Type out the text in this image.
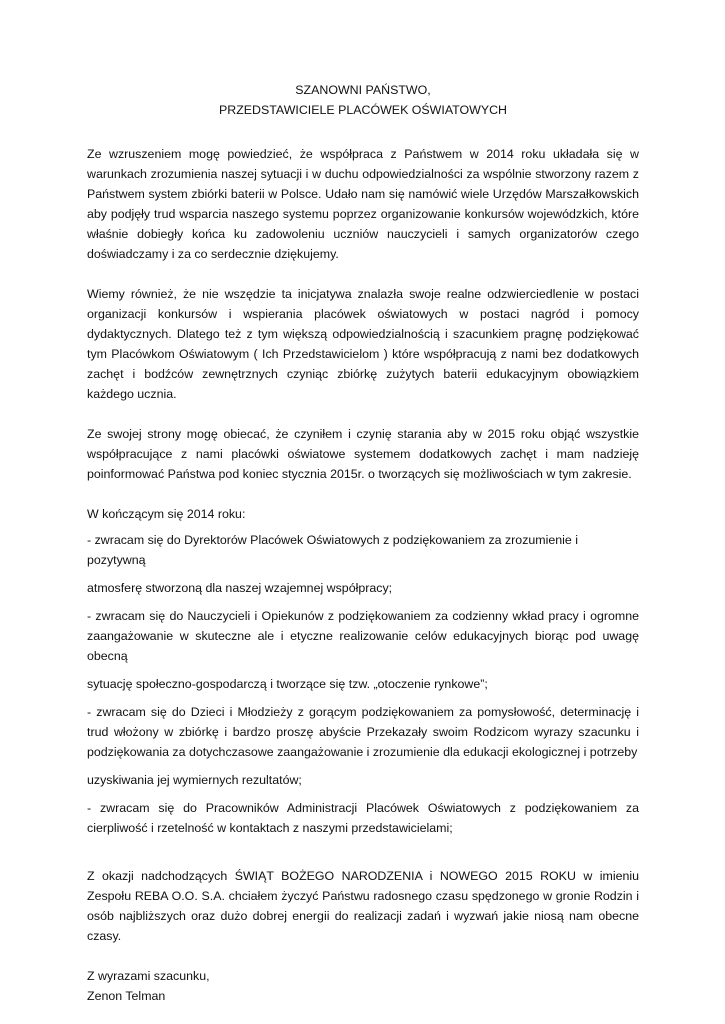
SZANOWNI PAŃSTWO,

PRZEDSTAWICIELE PLACÓWEK OŚWIATOWYCH

Ze wzruszeniem mogę powiedzieć, że współpraca z Państwem w 2014 roku układała się w warunkach zrozumienia naszej sytuacji i w duchu odpowiedzialności za wspólnie stworzony razem z Państwem system zbiórki baterii w Polsce. Udało nam się namówić wiele Urzędów Marszałkowskich aby podjęły trud wsparcia naszego systemu poprzez organizowanie konkursów wojewódzkich, które właśnie dobiegły końca ku zadowoleniu uczniów nauczycieli i samych organizatorów czego doświadczamy i za co serdecznie dziękujemy.

Wiemy również, że nie wszędzie ta inicjatywa znalazła swoje realne odzwierciedlenie w postaci organizacji konkursów i wspierania placówek oświatowych w postaci nagród i pomocy dydaktycznych. Dlatego też z tym większą odpowiedzialnością i szacunkiem pragnę podziękować tym Placówkom Oświatowym ( Ich Przedstawicielom ) które współpracują z nami bez dodatkowych zachęt i bodźców zewnętrznych czyniąc zbiórkę zużytych baterii edukacyjnym obowiązkiem każdego ucznia.

Ze swojej strony mogę obiecać, że czyniłem i czynię starania aby w 2015 roku objąć wszystkie współpracujące z nami placówki oświatowe systemem dodatkowych zachęt i mam nadzieję poinformować Państwa pod koniec stycznia 2015r. o tworzących się możliwościach w tym zakresie.

W kończącym się 2014 roku:

- zwracam się do Dyrektorów Placówek Oświatowych z podziękowaniem za zrozumienie i pozytywną

atmosferę stworzoną dla naszej wzajemnej współpracy;

- zwracam się do Nauczycieli i Opiekunów z podziękowaniem za codzienny wkład pracy i ogromne zaangażowanie w skuteczne ale i etyczne realizowanie celów edukacyjnych biorąc pod uwagę obecną

sytuację społeczno-gospodarczą i tworzące się tzw. „otoczenie rynkowe”;

- zwracam się do Dzieci i Młodzieży z gorącym podziękowaniem za pomysłowość, determinację i trud włożony w zbiórkę i bardzo proszę abyście Przekazały swoim Rodzicom wyrazy szacunku i podziękowania za dotychczasowe zaangażowanie i zrozumienie dla edukacji ekologicznej i potrzeby

uzyskiwania jej wymiernych rezultatów;

- zwracam się do Pracowników Administracji Placówek Oświatowych z podziękowaniem za cierpliwość i rzetelność w kontaktach z naszymi przedstawicielami;

Z okazji nadchodzących ŚWIĄT BOŻEGO NARODZENIA i NOWEGO 2015 ROKU w imieniu Zespołu REBA O.O. S.A. chciałem życzyć Państwu radosnego czasu spędzonego w gronie Rodzin i osób najbliższych oraz dużo dobrej energii do realizacji zadań i wyzwań jakie niosą nam obecne czasy.

Z wyrazami szacunku,

Zenon Telman
